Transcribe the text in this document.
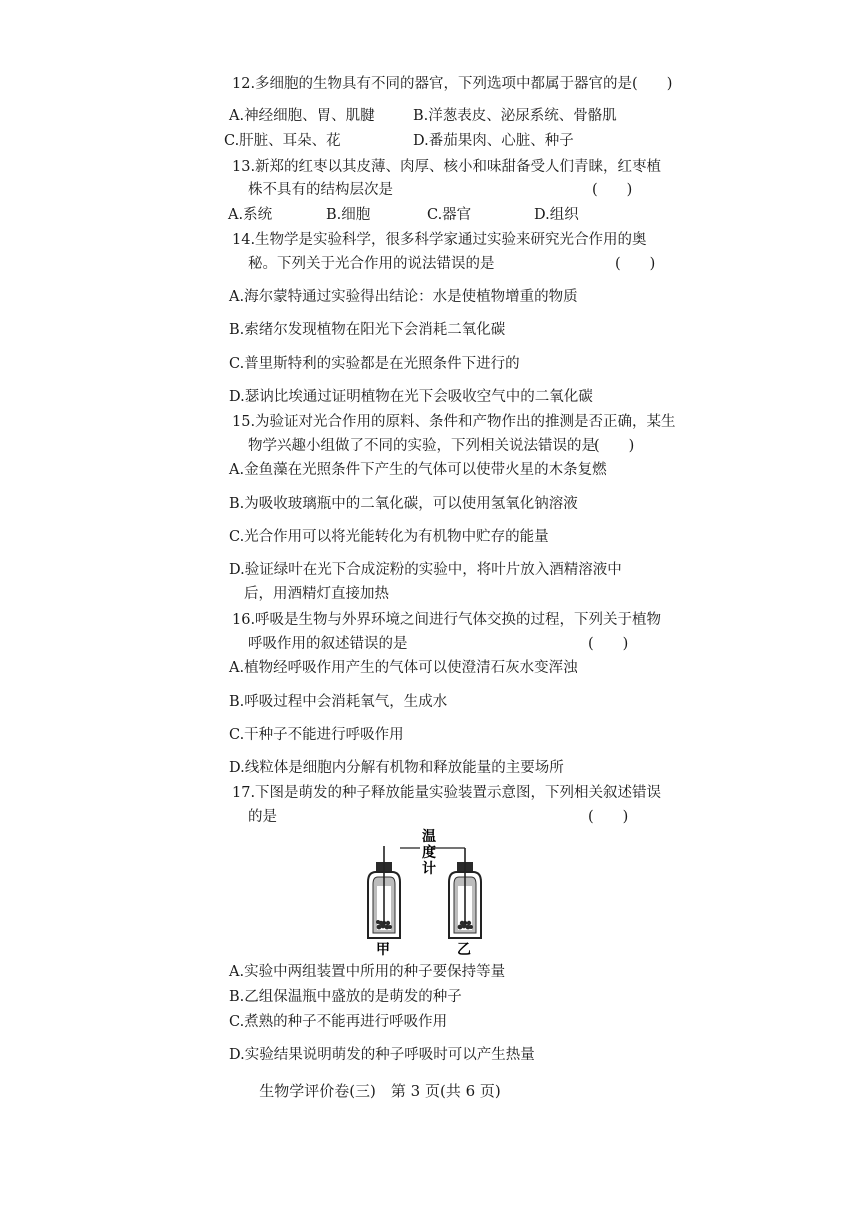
12.多细胞的生物具有不同的器官，下列选项中都属于器官的是(　　)
A.神经细胞、胃、肌腱	B.洋葱表皮、泌尿系统、骨骼肌
C.肝脏、耳朵、花	D.番茄果肉、心脏、种子
13.新郑的红枣以其皮薄、肉厚、核小和味甜备受人们青睐，红枣植
株不具有的结构层次是	(　　)
A.系统	B.细胞	C.器官	D.组织
14.生物学是实验科学，很多科学家通过实验来研究光合作用的奥
秘。下列关于光合作用的说法错误的是	(　　)
A.海尔蒙特通过实验得出结论：水是使植物增重的物质
B.索绪尔发现植物在阳光下会消耗二氧化碳
C.普里斯特利的实验都是在光照条件下进行的
D.瑟讷比埃通过证明植物在光下会吸收空气中的二氧化碳
15.为验证对光合作用的原料、条件和产物作出的推测是否正确，某生
物学兴趣小组做了不同的实验，下列相关说法错误的是
(　　)
A.金鱼藻在光照条件下产生的气体可以使带火星的木条复燃
B.为吸收玻璃瓶中的二氧化碳，可以使用氢氧化钠溶液
C.光合作用可以将光能转化为有机物中贮存的能量
D.验证绿叶在光下合成淀粉的实验中，将叶片放入酒精溶液中
后，用酒精灯直接加热
16.呼吸是生物与外界环境之间进行气体交换的过程，下列关于植物
呼吸作用的叙述错误的是	(　　)
A.植物经呼吸作用产生的气体可以使澄清石灰水变浑浊
B.呼吸过程中会消耗氧气，生成水
C.干种子不能进行呼吸作用
D.线粒体是细胞内分解有机物和释放能量的主要场所
17.下图是萌发的种子释放能量实验装置示意图，下列相关叙述错误
的是	(　　)
温
度
计
甲	乙
A.实验中两组装置中所用的种子要保持等量
B.乙组保温瓶中盛放的是萌发的种子
C.煮熟的种子不能再进行呼吸作用
D.实验结果说明萌发的种子呼吸时可以产生热量
生物学评价卷(三)　第 3 页(共 6 页)
